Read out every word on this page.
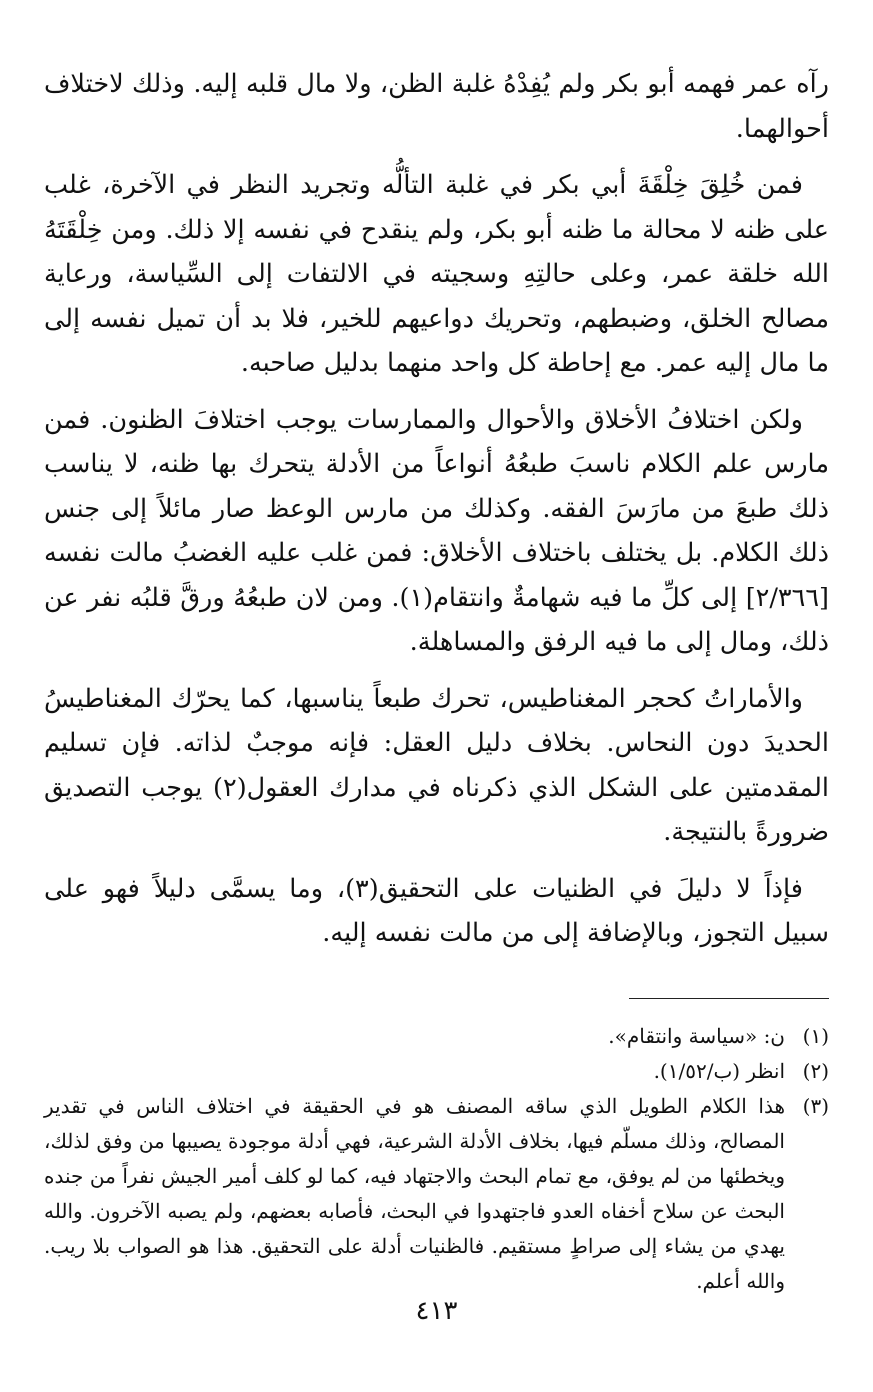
رآه عمر فهمه أبو بكر ولم يُفِدْهُ غلبة الظن، ولا مال قلبه إليه. وذلك لاختلاف أحوالهما.

فمن خُلِقَ خِلْقَةَ أبي بكر في غلبة التألُّه وتجريد النظر في الآخرة، غلب على ظنه لا محالة ما ظنه أبو بكر، ولم ينقدح في نفسه إلا ذلك. ومن خِلْقَتَهُ الله خلقة عمر، وعلى حالتِهِ وسجيته في الالتفات إلى السِّياسة، ورعاية مصالح الخلق، وضبطهم، وتحريك دواعيهم للخير، فلا بد أن تميل نفسه إلى ما مال إليه عمر. مع إحاطة كل واحد منهما بدليل صاحبه.

ولكن اختلافُ الأخلاق والأحوال والممارسات يوجب اختلافَ الظنون. فمن مارس علم الكلام ناسبَ طبعُهُ أنواعاً من الأدلة يتحرك بها ظنه، لا يناسب ذلك طبعَ من مارَسَ الفقه. وكذلك من مارس الوعظ صار مائلاً إلى جنس ذلك الكلام. بل يختلف باختلاف الأخلاق: فمن غلب عليه الغضبُ مالت نفسه [٢/٣٦٦] إلى كلِّ ما فيه شهامةٌ وانتقام(١). ومن لان طبعُهُ ورقَّ قلبُه نفر عن ذلك، ومال إلى ما فيه الرفق والمساهلة.

والأماراتُ كحجر المغناطيس، تحرك طبعاً يناسبها، كما يحرّك المغناطيسُ الحديدَ دون النحاس. بخلاف دليل العقل: فإنه موجبٌ لذاته. فإن تسليم المقدمتين على الشكل الذي ذكرناه في مدارك العقول(٢) يوجب التصديق ضرورةً بالنتيجة.

فإذاً لا دليلَ في الظنيات على التحقيق(٣)، وما يسمَّى دليلاً فهو على سبيل التجوز، وبالإضافة إلى من مالت نفسه إليه.

(١)
ن: «سياسة وانتقام».
(٢)
انظر (ب/١/٥٢).
(٣)
هذا الكلام الطويل الذي ساقه المصنف هو في الحقيقة في اختلاف الناس في تقدير المصالح، وذلك مسلّم فيها، بخلاف الأدلة الشرعية، فهي أدلة موجودة يصيبها من وفق لذلك، ويخطئها من لم يوفق، مع تمام البحث والاجتهاد فيه، كما لو كلف أمير الجيش نفراً من جنده البحث عن سلاح أخفاه العدو فاجتهدوا في البحث، فأصابه بعضهم، ولم يصبه الآخرون. والله يهدي من يشاء إلى صراطٍ مستقيم. فالظنيات أدلة على التحقيق. هذا هو الصواب بلا ريب. والله أعلم.
٤١٣
